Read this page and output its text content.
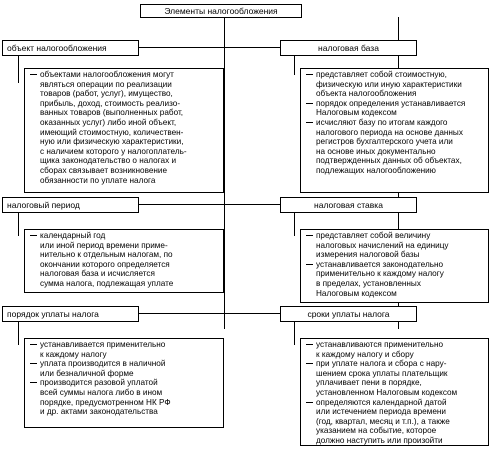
Элементы налогообложения
объект налогообложения
объектами налогообложения могут
являться операции по реализации
товаров (работ, услуг), имущество,
прибыль, доход, стоимость реализо-
ванных товаров (выполненных работ,
оказанных услуг) либо иной объект,
имеющий стоимостную, количествен-
ную или физическую характеристики,
с наличием которого у налогоплатель-
щика законодательство о налогах и
сборах связывает возникновение
обязанности по уплате налога
налоговый период
календарный год
или иной период времени приме-
нительно к отдельным налогам, по
окончании которого определяется
налоговая база и исчисляется
сумма налога, подлежащая уплате
порядок уплаты налога
устанавливается применительно
к каждому налогу
уплата производится в наличной
или безналичной форме
производится разовой уплатой
всей суммы налога либо в ином
порядке, предусмотренном НК РФ
и др. актами законодательства
налоговая база
представляет собой стоимостную,
физическую или иную характеристики
объекта налогообложения
порядок определения устанавливается
Налоговым кодексом
исчисляют базу по итогам каждого
налогового периода на основе данных
регистров бухгалтерского учета или
на основе иных документально
подтвержденных данных об объектах,
подлежащих налогообложению
налоговая ставка
представляет собой величину
налоговых начислений на единицу
измерения налоговой базы
устанавливается законодательно
применительно к каждому налогу
в пределах, установленных
Налоговым кодексом
сроки уплаты налога
устанавливаются применительно
к каждому налогу и сбору
при уплате налога и сбора с нару-
шением срока уплаты плательщик
уплачивает пени в порядке,
установленном Налоговым кодексом
определяются календарной датой
или истечением периода времени
(год, квартал, месяц и т.п.), а также
указанием на событие, которое
должно наступить или произойти
